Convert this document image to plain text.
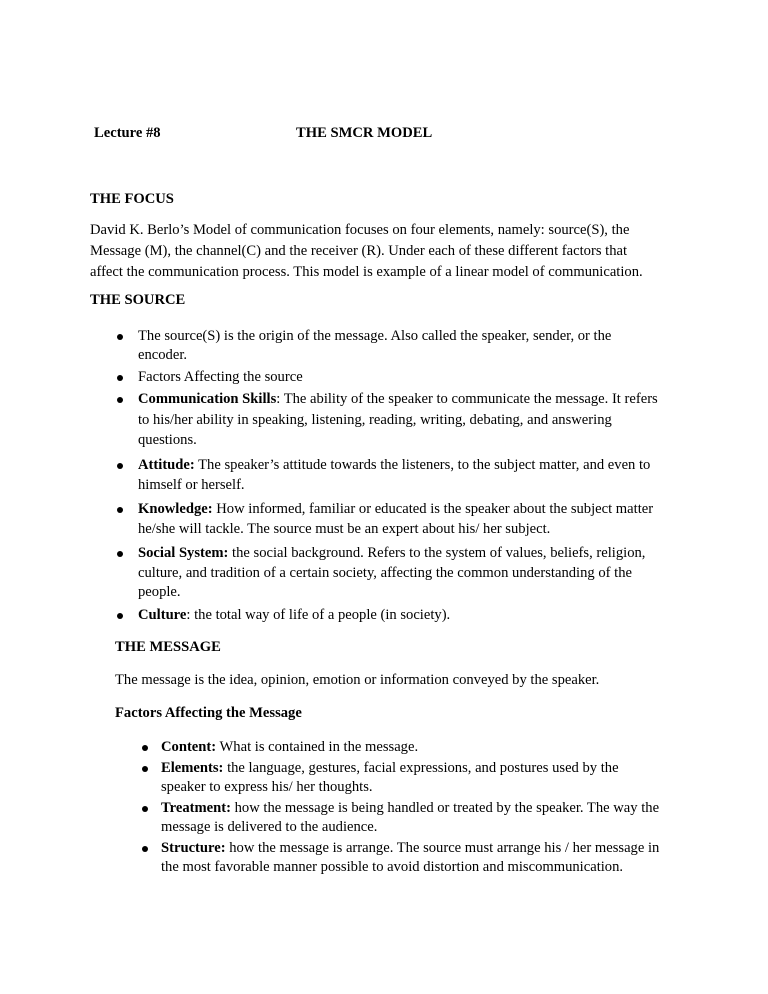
Lecture #8	THE SMCR MODEL
THE FOCUS
David K. Berlo’s Model of communication focuses on four elements, namely: source(S), the
Message (M), the channel(C) and the receiver (R). Under each of these different factors that
affect the communication process. This model is example of a linear model of communication.
THE SOURCE
The source(S) is the origin of the message. Also called the speaker, sender, or the
encoder.
Factors Affecting the source
Communication Skills: The ability of the speaker to communicate the message. It refers
to his/her ability in speaking, listening, reading, writing, debating, and answering
questions.
Attitude: The speaker’s attitude towards the listeners, to the subject matter, and even to
himself or herself.
Knowledge: How informed, familiar or educated is the speaker about the subject matter
he/she will tackle. The source must be an expert about his/ her subject.
Social System: the social background. Refers to the system of values, beliefs, religion,
culture, and tradition of a certain society, affecting the common understanding of the
people.
Culture: the total way of life of a people (in society).
THE MESSAGE
The message is the idea, opinion, emotion or information conveyed by the speaker.
Factors Affecting the Message
Content: What is contained in the message.
Elements: the language, gestures, facial expressions, and postures used by the
speaker to express his/ her thoughts.
Treatment: how the message is being handled or treated by the speaker. The way the
message is delivered to the audience.
Structure: how the message is arrange. The source must arrange his / her message in
the most favorable manner possible to avoid distortion and miscommunication.
